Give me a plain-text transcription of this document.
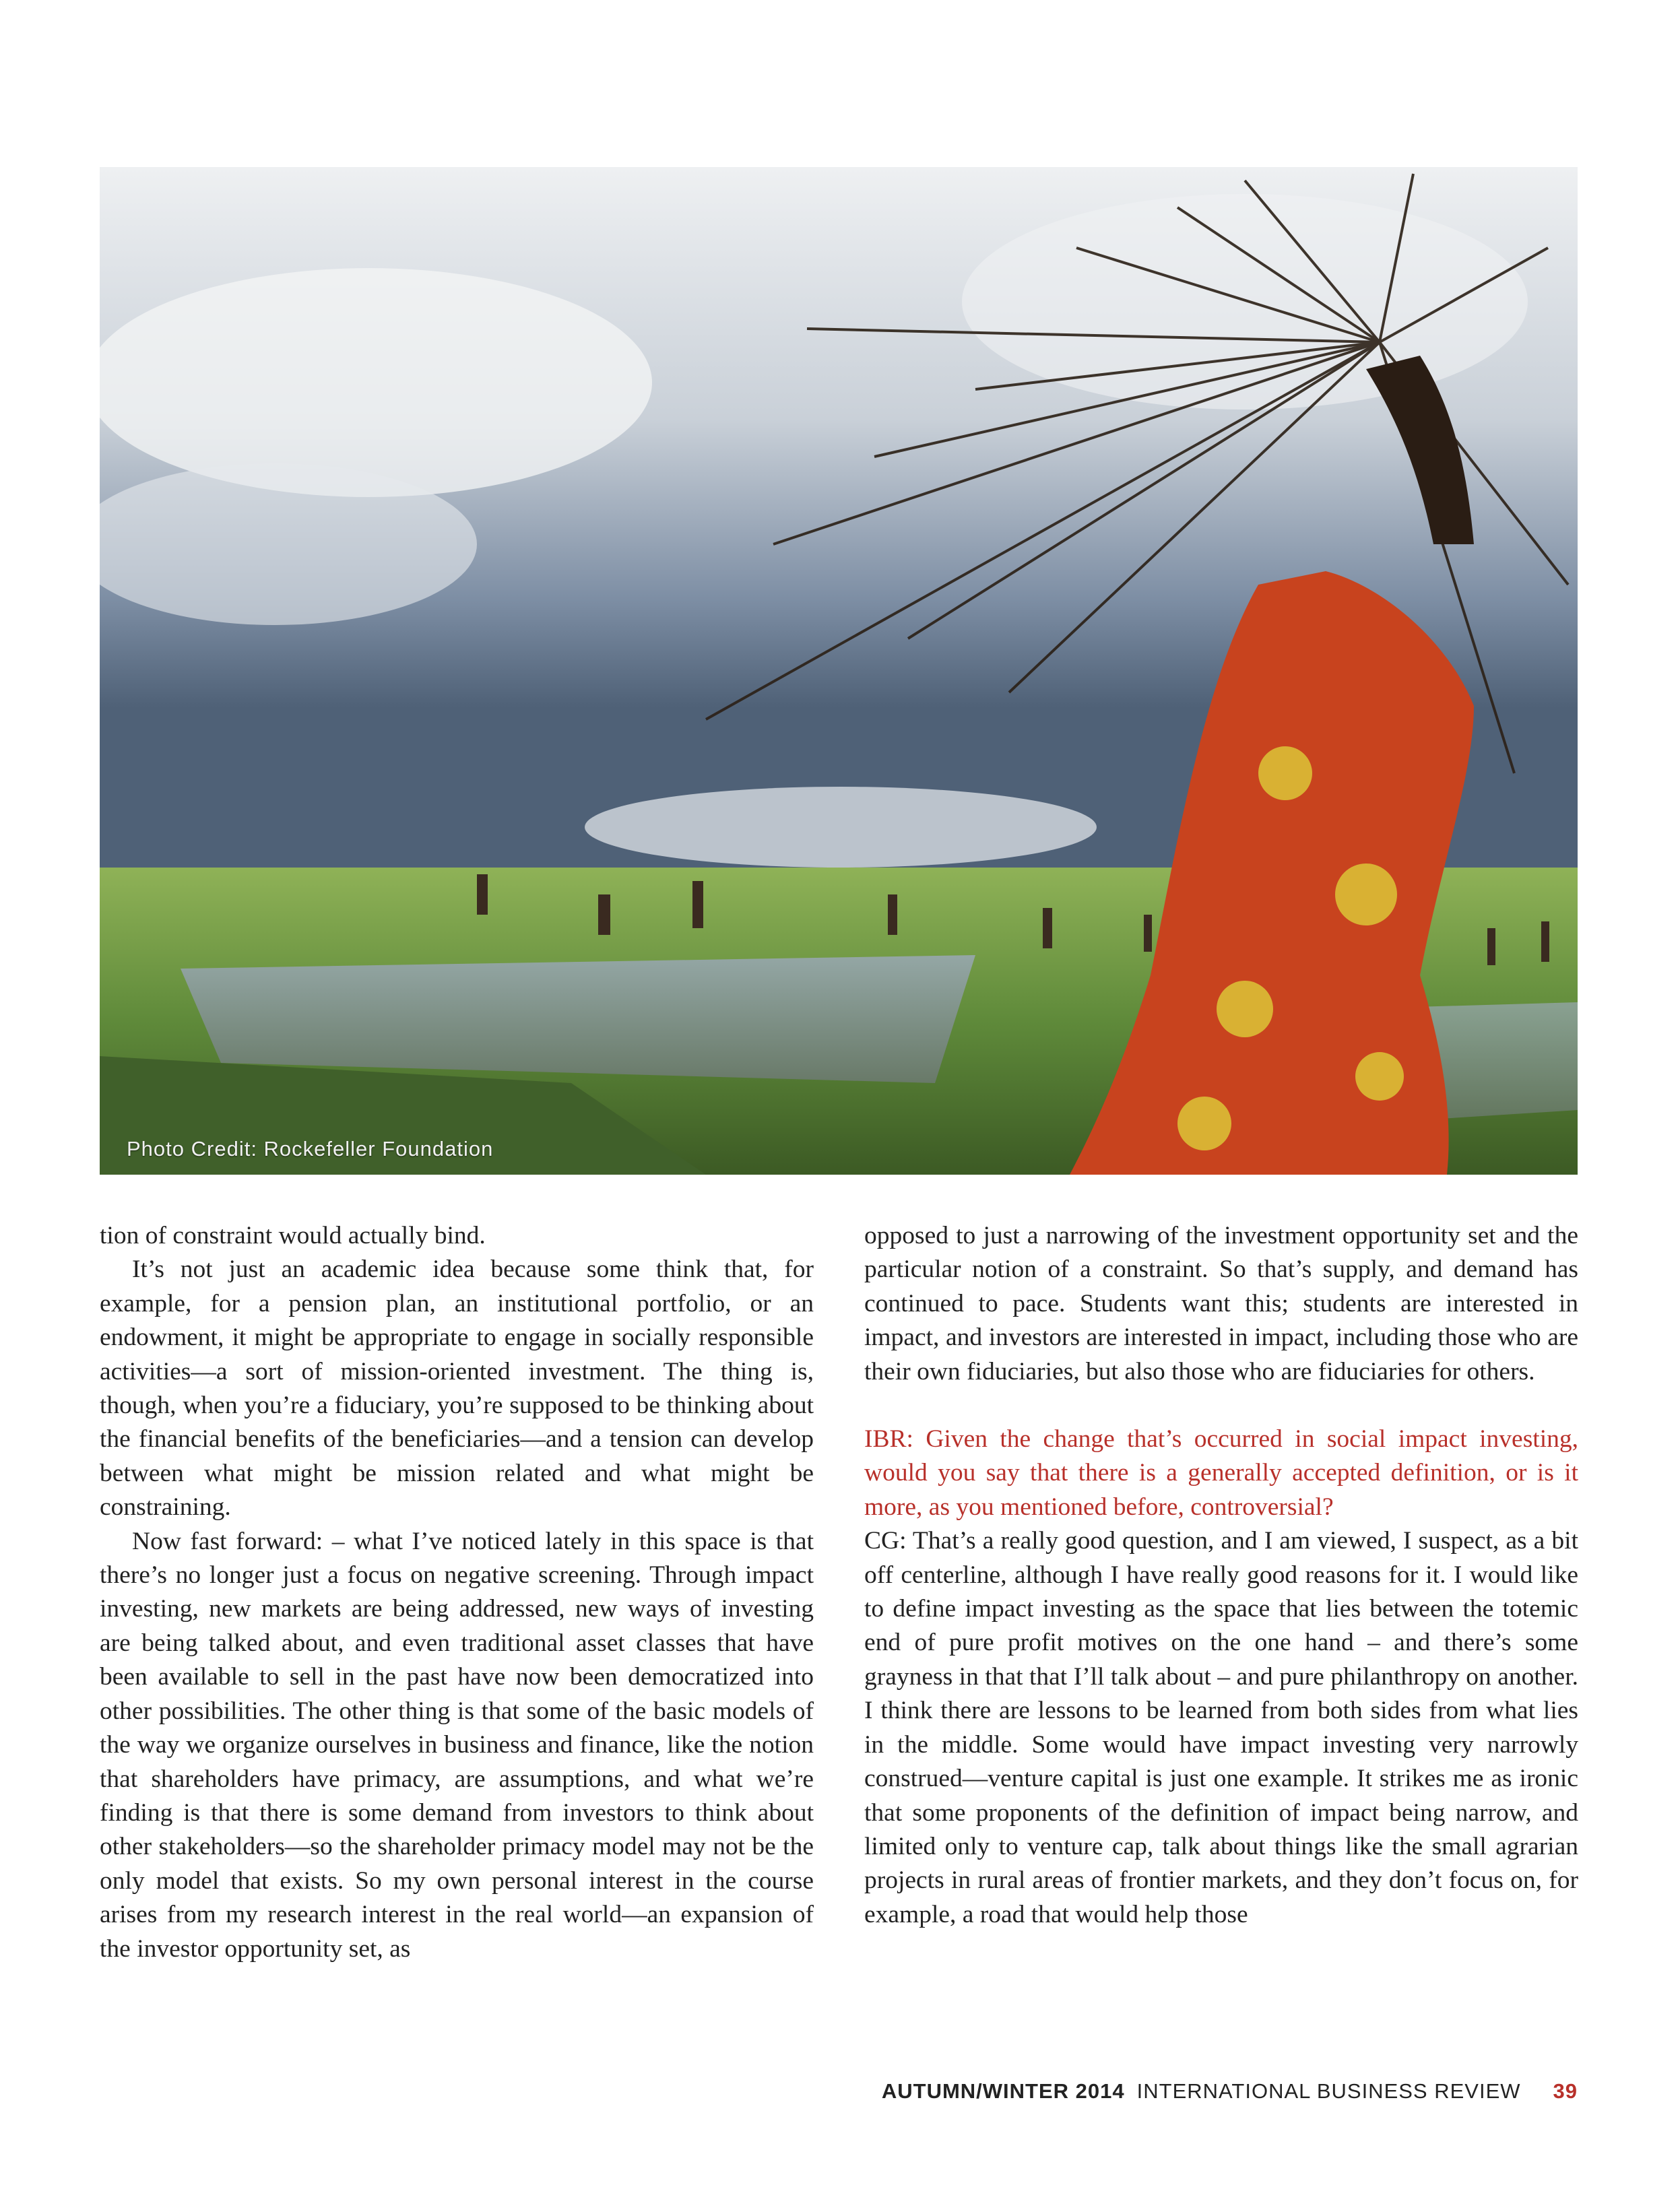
Photo Credit: Rockefeller Foundation

tion of constraint would actually bind.

It’s not just an academic idea because some think that, for example, for a pension plan, an institutional portfolio, or an endowment, it might be appropriate to engage in socially responsible activities—a sort of mission-oriented investment. The thing is, though, when you’re a fiduciary, you’re supposed to be thinking about the financial benefits of the beneficiaries—and a tension can develop between what might be mission related and what might be constraining.

Now fast forward: – what I’ve noticed lately in this space is that there’s no longer just a focus on negative screening. Through impact investing, new markets are being addressed, new ways of investing are being talked about, and even traditional asset classes that have been available to sell in the past have now been democratized into other possibilities. The other thing is that some of the basic models of the way we organize ourselves in business and finance, like the notion that shareholders have primacy, are assumptions, and what we’re finding is that there is some demand from investors to think about other stakeholders—so the shareholder primacy model may not be the only model that exists. So my own personal interest in the course arises from my research interest in the real world—an expansion of the investor opportunity set, as

opposed to just a narrowing of the investment opportunity set and the particular notion of a constraint. So that’s supply, and demand has continued to pace. Students want this; students are interested in impact, and investors are interested in impact, including those who are their own fiduciaries, but also those who are fiduciaries for others.

IBR: Given the change that’s occurred in social impact investing, would you say that there is a generally accepted definition, or is it more, as you mentioned before, controversial?

CG: That’s a really good question, and I am viewed, I suspect, as a bit off centerline, although I have really good reasons for it. I would like to define impact investing as the space that lies between the totemic end of pure profit motives on the one hand – and there’s some grayness in that that I’ll talk about – and pure philanthropy on another. I think there are lessons to be learned from both sides from what lies in the middle. Some would have impact investing very narrowly construed—venture capital is just one example. It strikes me as ironic that some proponents of the definition of impact being narrow, and limited only to venture cap, talk about things like the small agrarian projects in rural areas of frontier markets, and they don’t focus on, for example, a road that would help those

AUTUMN/WINTER 2014 INTERNATIONAL BUSINESS REVIEW 39
